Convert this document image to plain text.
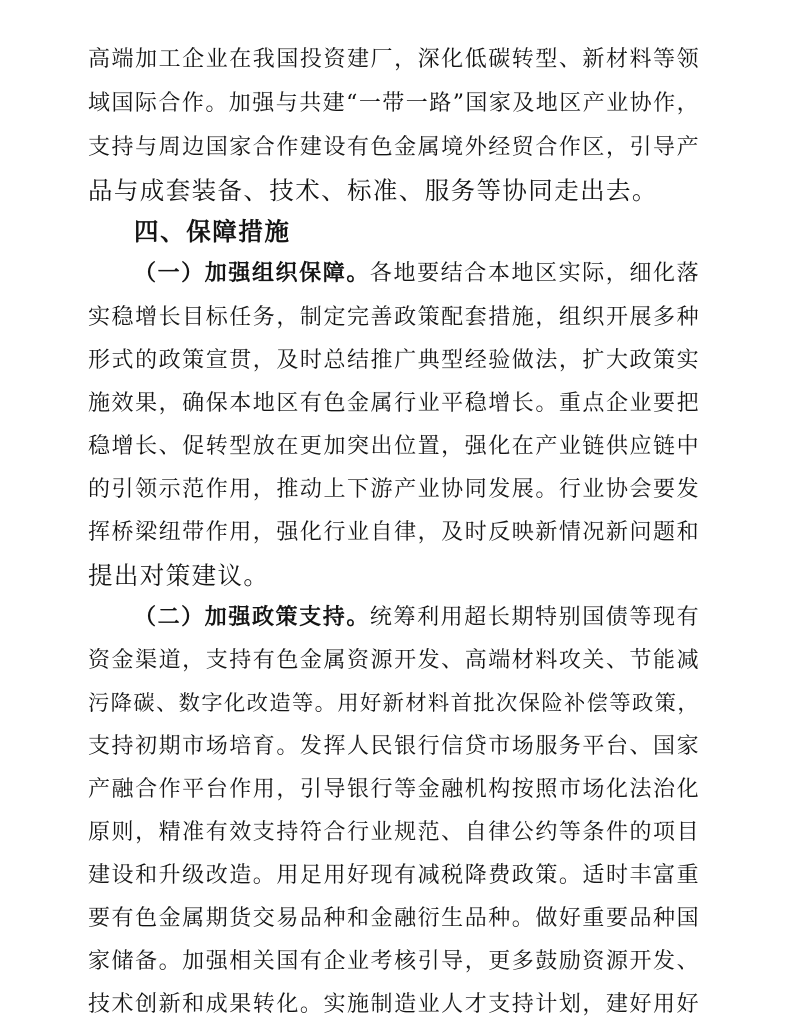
高端加工企业在我国投资建厂，深化低碳转型、新材料等领
域国际合作。加强与共建“一带一路”国家及地区产业协作，
支持与周边国家合作建设有色金属境外经贸合作区，引导产
品与成套装备、技术、标准、服务等协同走出去。
四、保障措施
（一）加强组织保障。各地要结合本地区实际，细化落
实稳增长目标任务，制定完善政策配套措施，组织开展多种
形式的政策宣贯，及时总结推广典型经验做法，扩大政策实
施效果，确保本地区有色金属行业平稳增长。重点企业要把
稳增长、促转型放在更加突出位置，强化在产业链供应链中
的引领示范作用，推动上下游产业协同发展。行业协会要发
挥桥梁纽带作用，强化行业自律，及时反映新情况新问题和
提出对策建议。
（二）加强政策支持。统筹利用超长期特别国债等现有
资金渠道，支持有色金属资源开发、高端材料攻关、节能减
污降碳、数字化改造等。用好新材料首批次保险补偿等政策，
支持初期市场培育。发挥人民银行信贷市场服务平台、国家
产融合作平台作用，引导银行等金融机构按照市场化法治化
原则，精准有效支持符合行业规范、自律公约等条件的项目
建设和升级改造。用足用好现有减税降费政策。适时丰富重
要有色金属期货交易品种和金融衍生品种。做好重要品种国
家储备。加强相关国有企业考核引导，更多鼓励资源开发、
技术创新和成果转化。实施制造业人才支持计划，建好用好
